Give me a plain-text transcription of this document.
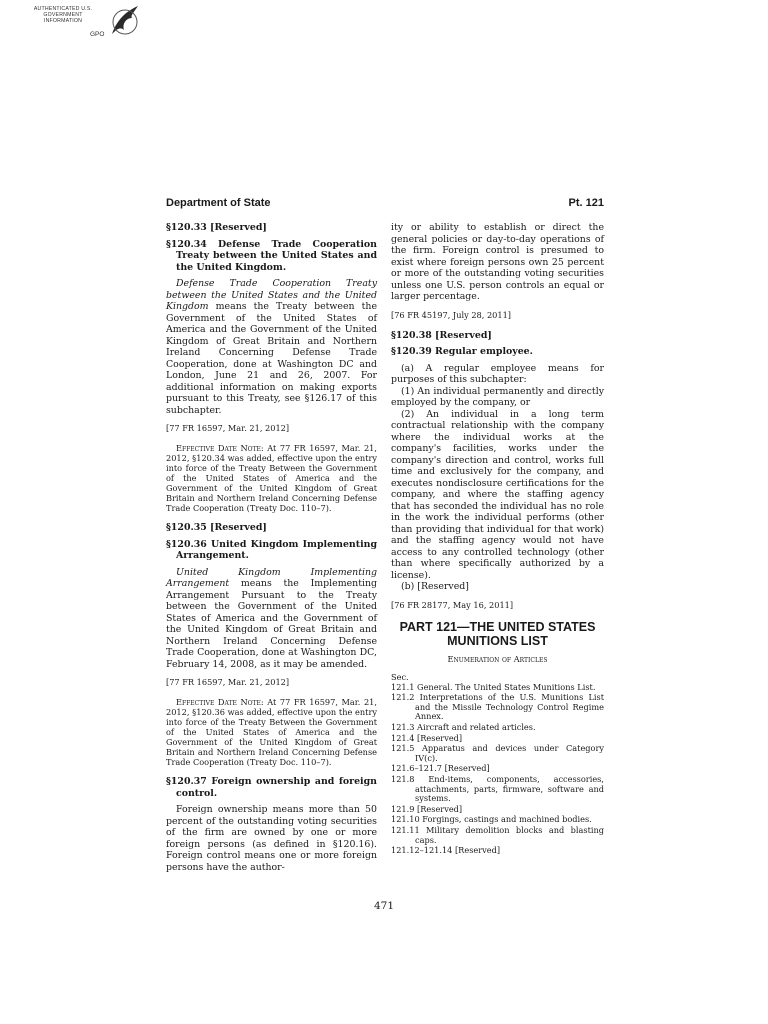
AUTHENTICATED U.S. GOVERNMENT INFORMATION
GPO
Department of State	Pt. 121

§120.33 [Reserved]

§120.34 Defense Trade Cooperation Treaty between the United States and the United Kingdom.

Defense Trade Cooperation Treaty between the United States and the United Kingdom means the Treaty between the Government of the United States of America and the Government of the United Kingdom of Great Britain and Northern Ireland Concerning Defense Trade Cooperation, done at Washington DC and London, June 21 and 26, 2007. For additional information on making exports pursuant to this Treaty, see §126.17 of this subchapter.

[77 FR 16597, Mar. 21, 2012]

Effective Date Note: At 77 FR 16597, Mar. 21, 2012, §120.34 was added, effective upon the entry into force of the Treaty Between the Government of the United States of America and the Government of the United Kingdom of Great Britain and Northern Ireland Concerning Defense Trade Cooperation (Treaty Doc. 110–7).

§120.35 [Reserved]

§120.36 United Kingdom Implementing Arrangement.

United Kingdom Implementing Arrangement means the Implementing Arrangement Pursuant to the Treaty between the Government of the United States of America and the Government of the United Kingdom of Great Britain and Northern Ireland Concerning Defense Trade Cooperation, done at Washington DC, February 14, 2008, as it may be amended.

[77 FR 16597, Mar. 21, 2012]

Effective Date Note: At 77 FR 16597, Mar. 21, 2012, §120.36 was added, effective upon the entry into force of the Treaty Between the Government of the United States of America and the Government of the United Kingdom of Great Britain and Northern Ireland Concerning Defense Trade Cooperation (Treaty Doc. 110–7).

§120.37 Foreign ownership and foreign control.

Foreign ownership means more than 50 percent of the outstanding voting securities of the firm are owned by one or more foreign persons (as defined in §120.16). Foreign control means one or more foreign persons have the author-

ity or ability to establish or direct the general policies or day-to-day operations of the firm. Foreign control is presumed to exist where foreign persons own 25 percent or more of the outstanding voting securities unless one U.S. person controls an equal or larger percentage.

[76 FR 45197, July 28, 2011]

§120.38 [Reserved]

§120.39 Regular employee.

(a) A regular employee means for purposes of this subchapter:

(1) An individual permanently and directly employed by the company, or

(2) An individual in a long term contractual relationship with the company where the individual works at the company's facilities, works under the company's direction and control, works full time and exclusively for the company, and executes nondisclosure certifications for the company, and where the staffing agency that has seconded the individual has no role in the work the individual performs (other than providing that individual for that work) and the staffing agency would not have access to any controlled technology (other than where specifically authorized by a license).

(b) [Reserved]

[76 FR 28177, May 16, 2011]

PART 121—THE UNITED STATES MUNITIONS LIST
Enumeration of Articles
Sec.
121.1 General. The United States Munitions List.
121.2 Interpretations of the U.S. Munitions List and the Missile Technology Control Regime Annex.
121.3 Aircraft and related articles.
121.4 [Reserved]
121.5 Apparatus and devices under Category IV(c).
121.6–121.7 [Reserved]
121.8 End-items, components, accessories, attachments, parts, firmware, software and systems.
121.9 [Reserved]
121.10 Forgings, castings and machined bodies.
121.11 Military demolition blocks and blasting caps.
121.12–121.14 [Reserved]
471
